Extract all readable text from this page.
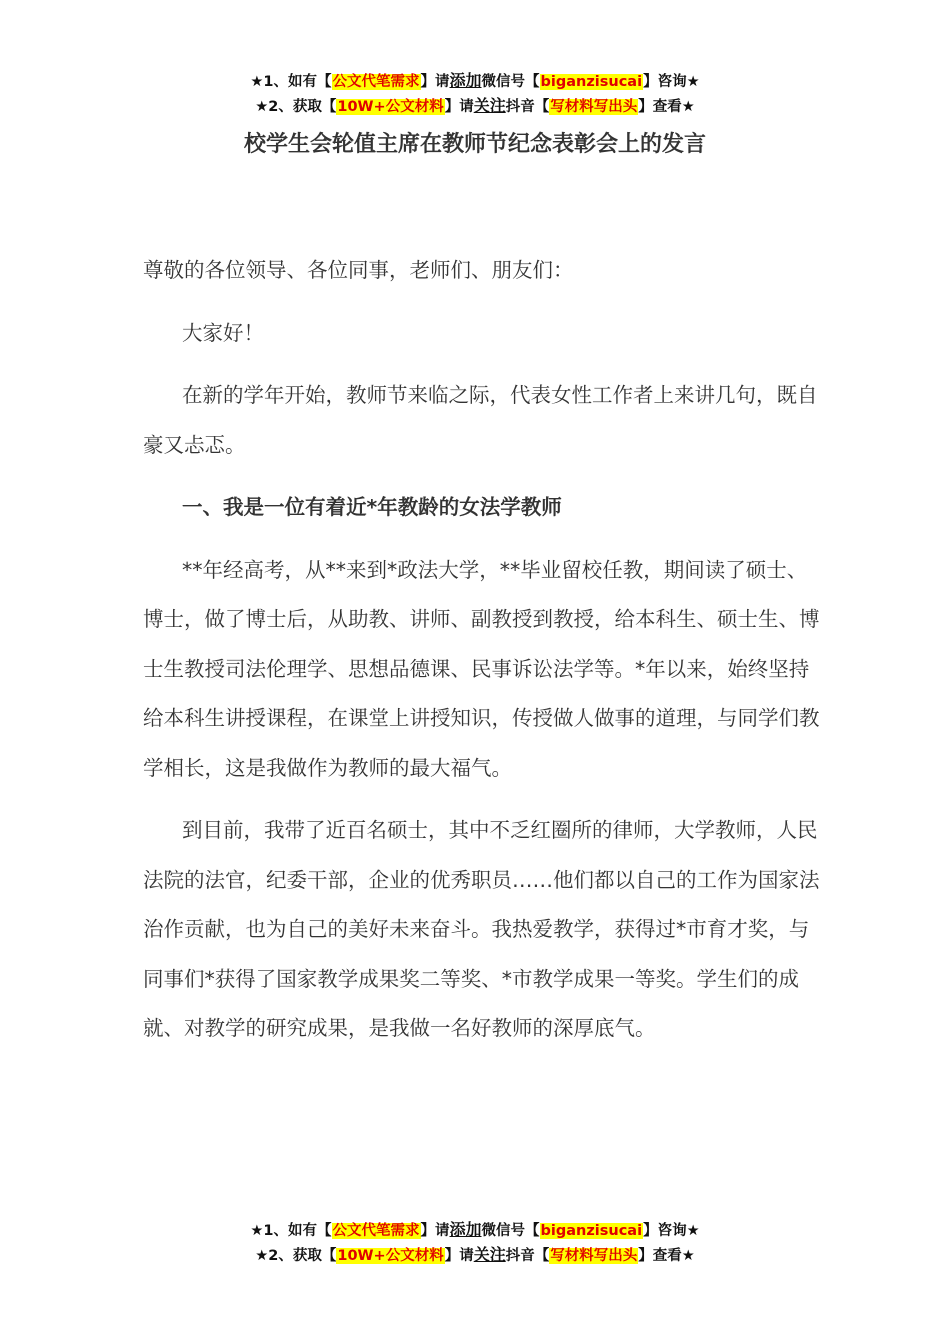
★1、如有【公文代笔需求】请添加微信号【biganzisucai】咨询★
★2、获取【10W+公文材料】请关注抖音【写材料写出头】查看★
校学生会轮值主席在教师节纪念表彰会上的发言

尊敬的各位领导、各位同事，老师们、朋友们：

大家好！

在新的学年开始，教师节来临之际，代表女性工作者上来讲几句，既自豪又忐忑。

一、我是一位有着近*年教龄的女法学教师

**年经高考，从**来到*政法大学，**毕业留校任教，期间读了硕士、博士，做了博士后，从助教、讲师、副教授到教授，给本科生、硕士生、博士生教授司法伦理学、思想品德课、民事诉讼法学等。*年以来，始终坚持给本科生讲授课程，在课堂上讲授知识，传授做人做事的道理，与同学们教学相长，这是我做作为教师的最大福气。

到目前，我带了近百名硕士，其中不乏红圈所的律师，大学教师，人民法院的法官，纪委干部，企业的优秀职员……他们都以自己的工作为国家法治作贡献，也为自己的美好未来奋斗。我热爱教学，获得过*市育才奖，与同事们*获得了国家教学成果奖二等奖、*市教学成果一等奖。学生们的成就、对教学的研究成果，是我做一名好教师的深厚底气。

★1、如有【公文代笔需求】请添加微信号【biganzisucai】咨询★
★2、获取【10W+公文材料】请关注抖音【写材料写出头】查看★
